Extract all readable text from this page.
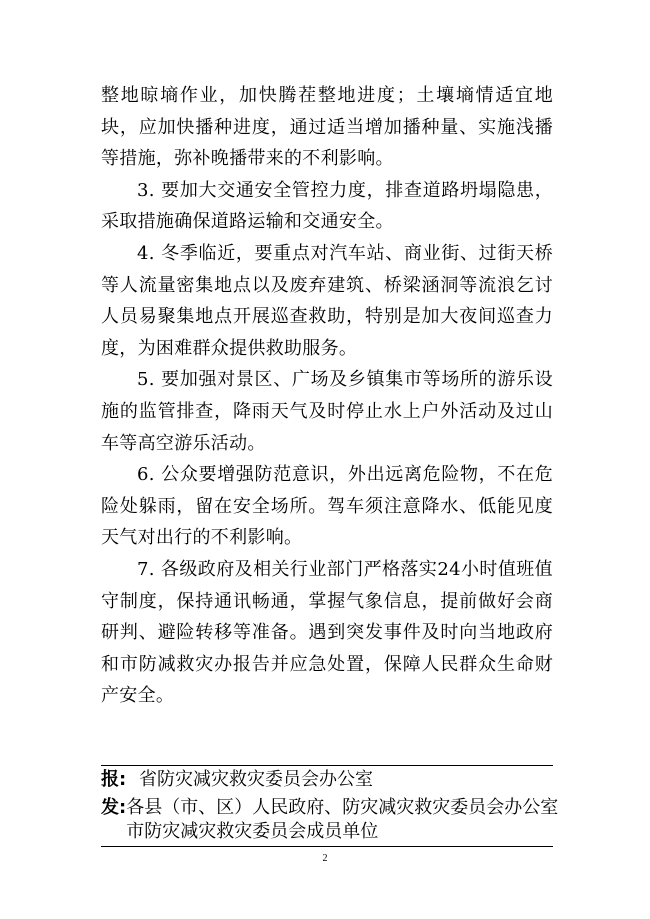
整地晾墒作业，加快腾茬整地进度；土壤墒情适宜地块，应加快播种进度，通过适当增加播种量、实施浅播等措施，弥补晚播带来的不利影响。

3. 要加大交通安全管控力度，排查道路坍塌隐患，采取措施确保道路运输和交通安全。

4. 冬季临近，要重点对汽车站、商业街、过街天桥等人流量密集地点以及废弃建筑、桥梁涵洞等流浪乞讨人员易聚集地点开展巡查救助，特别是加大夜间巡查力度，为困难群众提供救助服务。

5. 要加强对景区、广场及乡镇集市等场所的游乐设施的监管排查，降雨天气及时停止水上户外活动及过山车等高空游乐活动。

6. 公众要增强防范意识，外出远离危险物，不在危险处躲雨，留在安全场所。驾车须注意降水、低能见度天气对出行的不利影响。

7. 各级政府及相关行业部门严格落实24小时值班值守制度，保持通讯畅通，掌握气象信息，提前做好会商研判、避险转移等准备。遇到突发事件及时向当地政府和市防减救灾办报告并应急处置，保障人民群众生命财产安全。

报: 省防灾减灾救灾委员会办公室
发: 各县（市、区）人民政府、防灾减灾救灾委员会办公室
市防灾减灾救灾委员会成员单位
2
